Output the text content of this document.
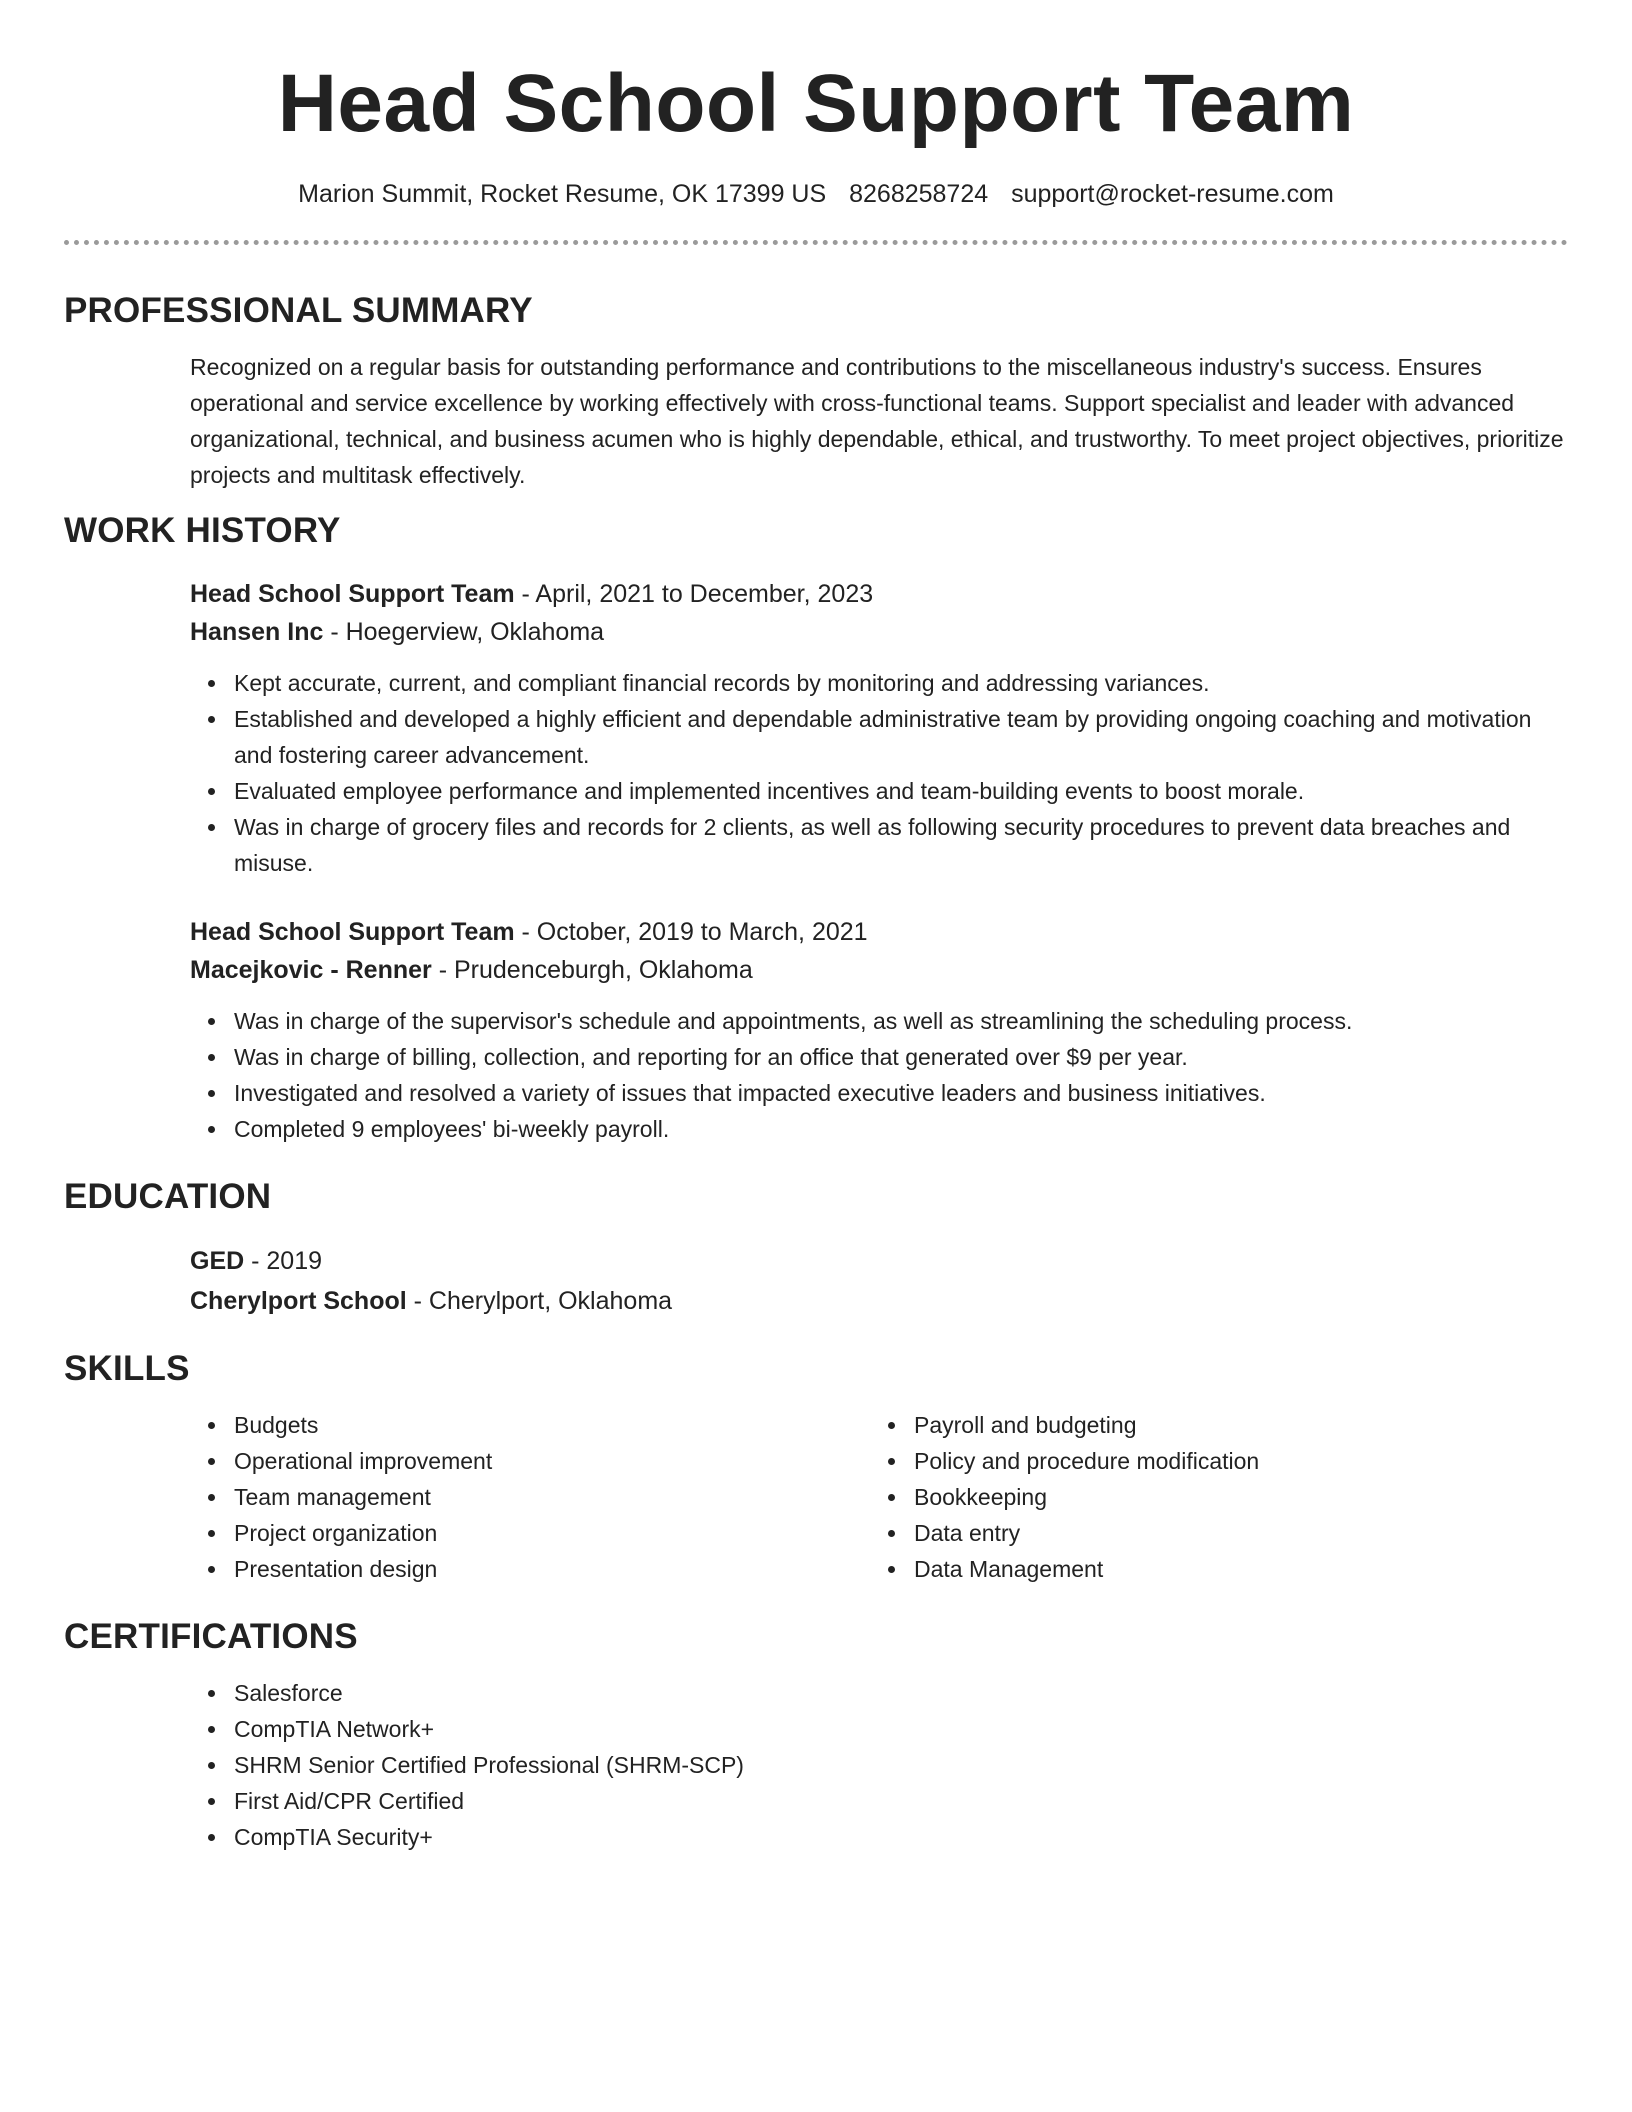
Head School Support Team
Marion Summit, Rocket Resume, OK 17399 US 8268258724 support@rocket-resume.com
PROFESSIONAL SUMMARY
Recognized on a regular basis for outstanding performance and contributions to the miscellaneous industry's success. Ensures operational and service excellence by working effectively with cross-functional teams. Support specialist and leader with advanced organizational, technical, and business acumen who is highly dependable, ethical, and trustworthy. To meet project objectives, prioritize projects and multitask effectively.
WORK HISTORY
Head School Support Team - April, 2021 to December, 2023
Hansen Inc - Hoegerview, Oklahoma
Kept accurate, current, and compliant financial records by monitoring and addressing variances.
Established and developed a highly efficient and dependable administrative team by providing ongoing coaching and motivation and fostering career advancement.
Evaluated employee performance and implemented incentives and team-building events to boost morale.
Was in charge of grocery files and records for 2 clients, as well as following security procedures to prevent data breaches and misuse.
Head School Support Team - October, 2019 to March, 2021
Macejkovic - Renner - Prudenceburgh, Oklahoma
Was in charge of the supervisor's schedule and appointments, as well as streamlining the scheduling process.
Was in charge of billing, collection, and reporting for an office that generated over $9 per year.
Investigated and resolved a variety of issues that impacted executive leaders and business initiatives.
Completed 9 employees' bi-weekly payroll.
EDUCATION
GED - 2019
Cherylport School - Cherylport, Oklahoma
SKILLS
Budgets
Operational improvement
Team management
Project organization
Presentation design
Payroll and budgeting
Policy and procedure modification
Bookkeeping
Data entry
Data Management
CERTIFICATIONS
Salesforce
CompTIA Network+
SHRM Senior Certified Professional (SHRM-SCP)
First Aid/CPR Certified
CompTIA Security+
